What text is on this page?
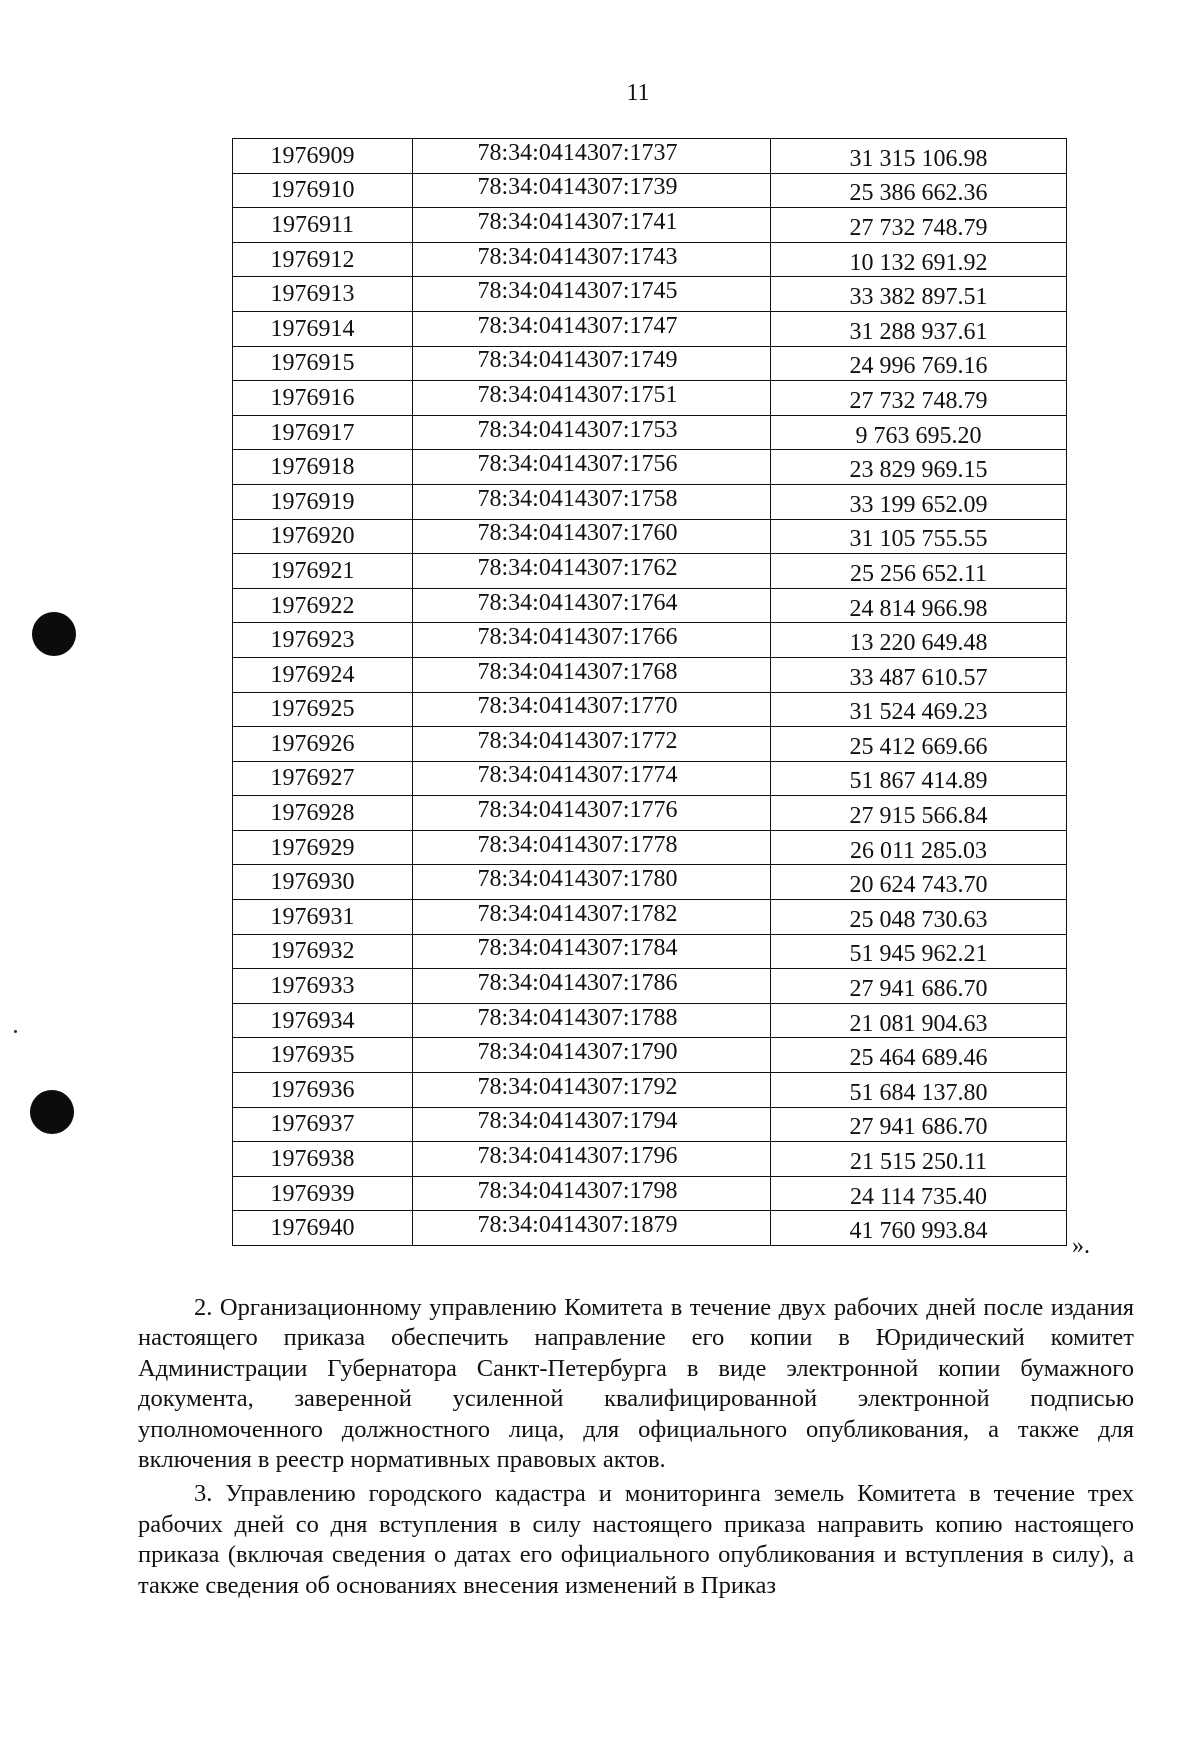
11
1976909	78:34:0414307:1737	31 315 106.98
1976910	78:34:0414307:1739	25 386 662.36
1976911	78:34:0414307:1741	27 732 748.79
1976912	78:34:0414307:1743	10 132 691.92
1976913	78:34:0414307:1745	33 382 897.51
1976914	78:34:0414307:1747	31 288 937.61
1976915	78:34:0414307:1749	24 996 769.16
1976916	78:34:0414307:1751	27 732 748.79
1976917	78:34:0414307:1753	9 763 695.20
1976918	78:34:0414307:1756	23 829 969.15
1976919	78:34:0414307:1758	33 199 652.09
1976920	78:34:0414307:1760	31 105 755.55
1976921	78:34:0414307:1762	25 256 652.11
1976922	78:34:0414307:1764	24 814 966.98
1976923	78:34:0414307:1766	13 220 649.48
1976924	78:34:0414307:1768	33 487 610.57
1976925	78:34:0414307:1770	31 524 469.23
1976926	78:34:0414307:1772	25 412 669.66
1976927	78:34:0414307:1774	51 867 414.89
1976928	78:34:0414307:1776	27 915 566.84
1976929	78:34:0414307:1778	26 011 285.03
1976930	78:34:0414307:1780	20 624 743.70
1976931	78:34:0414307:1782	25 048 730.63
1976932	78:34:0414307:1784	51 945 962.21
1976933	78:34:0414307:1786	27 941 686.70
1976934	78:34:0414307:1788	21 081 904.63
1976935	78:34:0414307:1790	25 464 689.46
1976936	78:34:0414307:1792	51 684 137.80
1976937	78:34:0414307:1794	27 941 686.70
1976938	78:34:0414307:1796	21 515 250.11
1976939	78:34:0414307:1798	24 114 735.40
1976940	78:34:0414307:1879	41 760 993.84
».

2. Организационному управлению Комитета в течение двух рабочих дней после издания настоящего приказа обеспечить направление его копии в Юридический комитет Администрации Губернатора Санкт-Петербурга в виде электронной копии бумажного документа, заверенной усиленной квалифицированной электронной подписью уполномоченного должностного лица, для официального опубликования, а также для включения в реестр нормативных правовых актов.

3. Управлению городского кадастра и мониторинга земель Комитета в течение трех рабочих дней со дня вступления в силу настоящего приказа направить копию настоящего приказа (включая сведения о датах его официального опубликования и вступления в силу), а также сведения об основаниях внесения изменений в Приказ
